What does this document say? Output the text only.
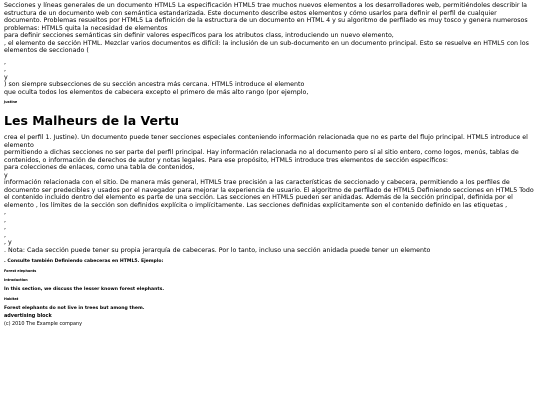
Secciones y líneas generales de un documento HTML5 La especificación HTML5 trae muchos nuevos elementos a los desarrolladores web, permitiéndoles describir la estructura de un documento web con semántica estandarizada. Este documento describe estos elementos y cómo usarlos para definir el perfil de cualquier documento. Problemas resueltos por HTML5 La definición de la estructura de un documento en HTML 4 y su algoritmo de perfilado es muy tosco y genera numerosos problemas: HTML5 quita la necesidad de elementos

para definir secciones semánticas sin definir valores específicos para los atributos class, introduciendo un nuevo elemento,

, el elemento de sección HTML. Mezclar varios documentos es difícil: la inclusión de un sub-documento en un documento principal. Esto se resuelve en HTML5 con los elementos de seccionado (

,

,

y

) son siempre subsecciones de su sección ancestra más cercana. HTML5 introduce el elemento

que oculta todos los elementos de cabecera excepto el primero de más alto rango (por ejemplo,

Justine

Les Malheurs de la Vertu

crea el perfil 1. Justine). Un documento puede tener secciones especiales conteniendo información relacionada que no es parte del flujo principal. HTML5 introduce el elemento

permitiendo a dichas secciones no ser parte del perfil principal. Hay información relacionada no al documento pero sí al sitio entero, como logos, menús, tablas de contenidos, o información de derechos de autor y notas legales. Para ese propósito, HTML5 introduce tres elementos de sección específicos:

para colecciones de enlaces, como una tabla de contenidos,

y

información relacionada con el sitio. De manera más general, HTML5 trae precisión a las características de seccionado y cabecera, permitiendo a los perfiles de documento ser predecibles y usados por el navegador para mejorar la experiencia de usuario. El algoritmo de perfilado de HTML5 Definiendo secciones en HTML5 Todo el contenido incluido dentro del elemento es parte de una sección. Las secciones en HTML5 pueden ser anidadas. Además de la sección principal, definida por el elemento , los límites de la sección son definidos explícita o implícitamente. Las secciones definidas explícitamente son el contenido definido en las etiquetas ,

,

,

,

,

, y

. Nota: Cada sección puede tener su propia jerarquía de cabeceras. Por lo tanto, incluso una sección anidada puede tener un elemento

. Consulte también Definiendo cabeceras en HTML5. Ejemplo:

Forest elephants

Introduction

In this section, we discuss the lesser known forest elephants.

Habitat

Forest elephants do not live in trees but among them.

advertising block

(c) 2010 The Example company
